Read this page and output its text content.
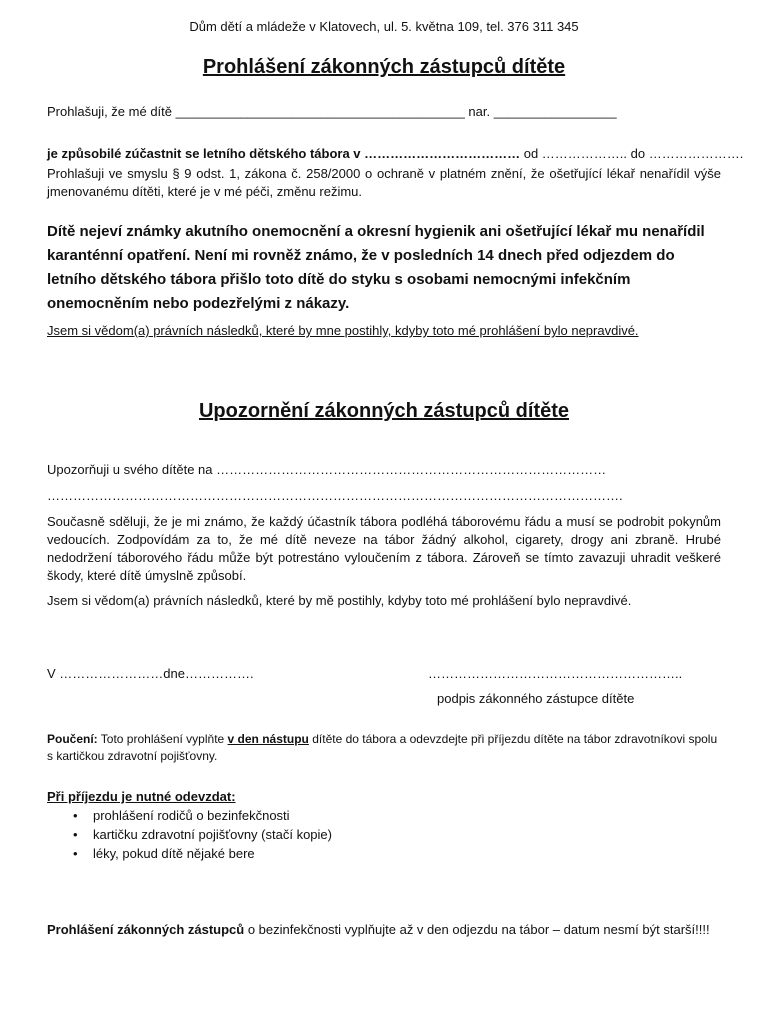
Dům dětí a mládeže v Klatovech, ul. 5. května 109, tel. 376 311 345
Prohlášení zákonných zástupců dítěte
Prohlašuji, že mé dítě ________________________________________ nar. _________________
je způsobilé zúčastnit se letního dětského tábora v ……………………………… od ……………….. do ………………….
Prohlašuji ve smyslu § 9 odst. 1, zákona č. 258/2000 o ochraně v platném znění, že ošetřující lékař nenařídil výše jmenovanému dítěti, které je v mé péči, změnu režimu.
Dítě nejeví známky akutního onemocnění a okresní hygienik ani ošetřující lékař mu nenařídil karanténní opatření. Není mi rovněž známo, že v posledních 14 dnech před odjezdem do letního dětského tábora přišlo toto dítě do styku s osobami nemocnými infekčním onemocněním nebo podezřelými z nákazy.
Jsem si vědom(a) právních následků, které by mne postihly, kdyby toto mé prohlášení bylo nepravdivé.
Upozornění zákonných zástupců dítěte
Upozorňuji u svého dítěte na ………………………………………………………………………………
…………………………………………………………………………………………………………………….
Současně sděluji, že je mi známo, že každý účastník tábora podléhá táborovému řádu a musí se podrobit pokynům vedoucích. Zodpovídám za to, že mé dítě neveze na tábor žádný alkohol, cigarety, drogy ani zbraně. Hrubé nedodržení táborového řádu může být potrestáno vyloučením z tábora. Zároveň se tímto zavazuji uhradit veškeré škody, které dítě úmyslně způsobí.
Jsem si vědom(a) právních následků, které by mě postihly, kdyby toto mé prohlášení bylo nepravdivé.
V ……………………dne…………….	…………………………………………………..
podpis zákonného zástupce dítěte
Poučení: Toto prohlášení vyplňte v den nástupu dítěte do tábora a odevzdejte při příjezdu dítěte na tábor zdravotníkovi spolu s kartičkou zdravotní pojišťovny.
Při příjezdu je nutné odevzdat:
• prohlášení rodičů o bezinfekčnosti
• kartičku zdravotní pojišťovny (stačí kopie)
• léky, pokud dítě nějaké bere
Prohlášení zákonných zástupců o bezinfekčnosti vyplňujte až v den odjezdu na tábor – datum nesmí být starší!!!!
